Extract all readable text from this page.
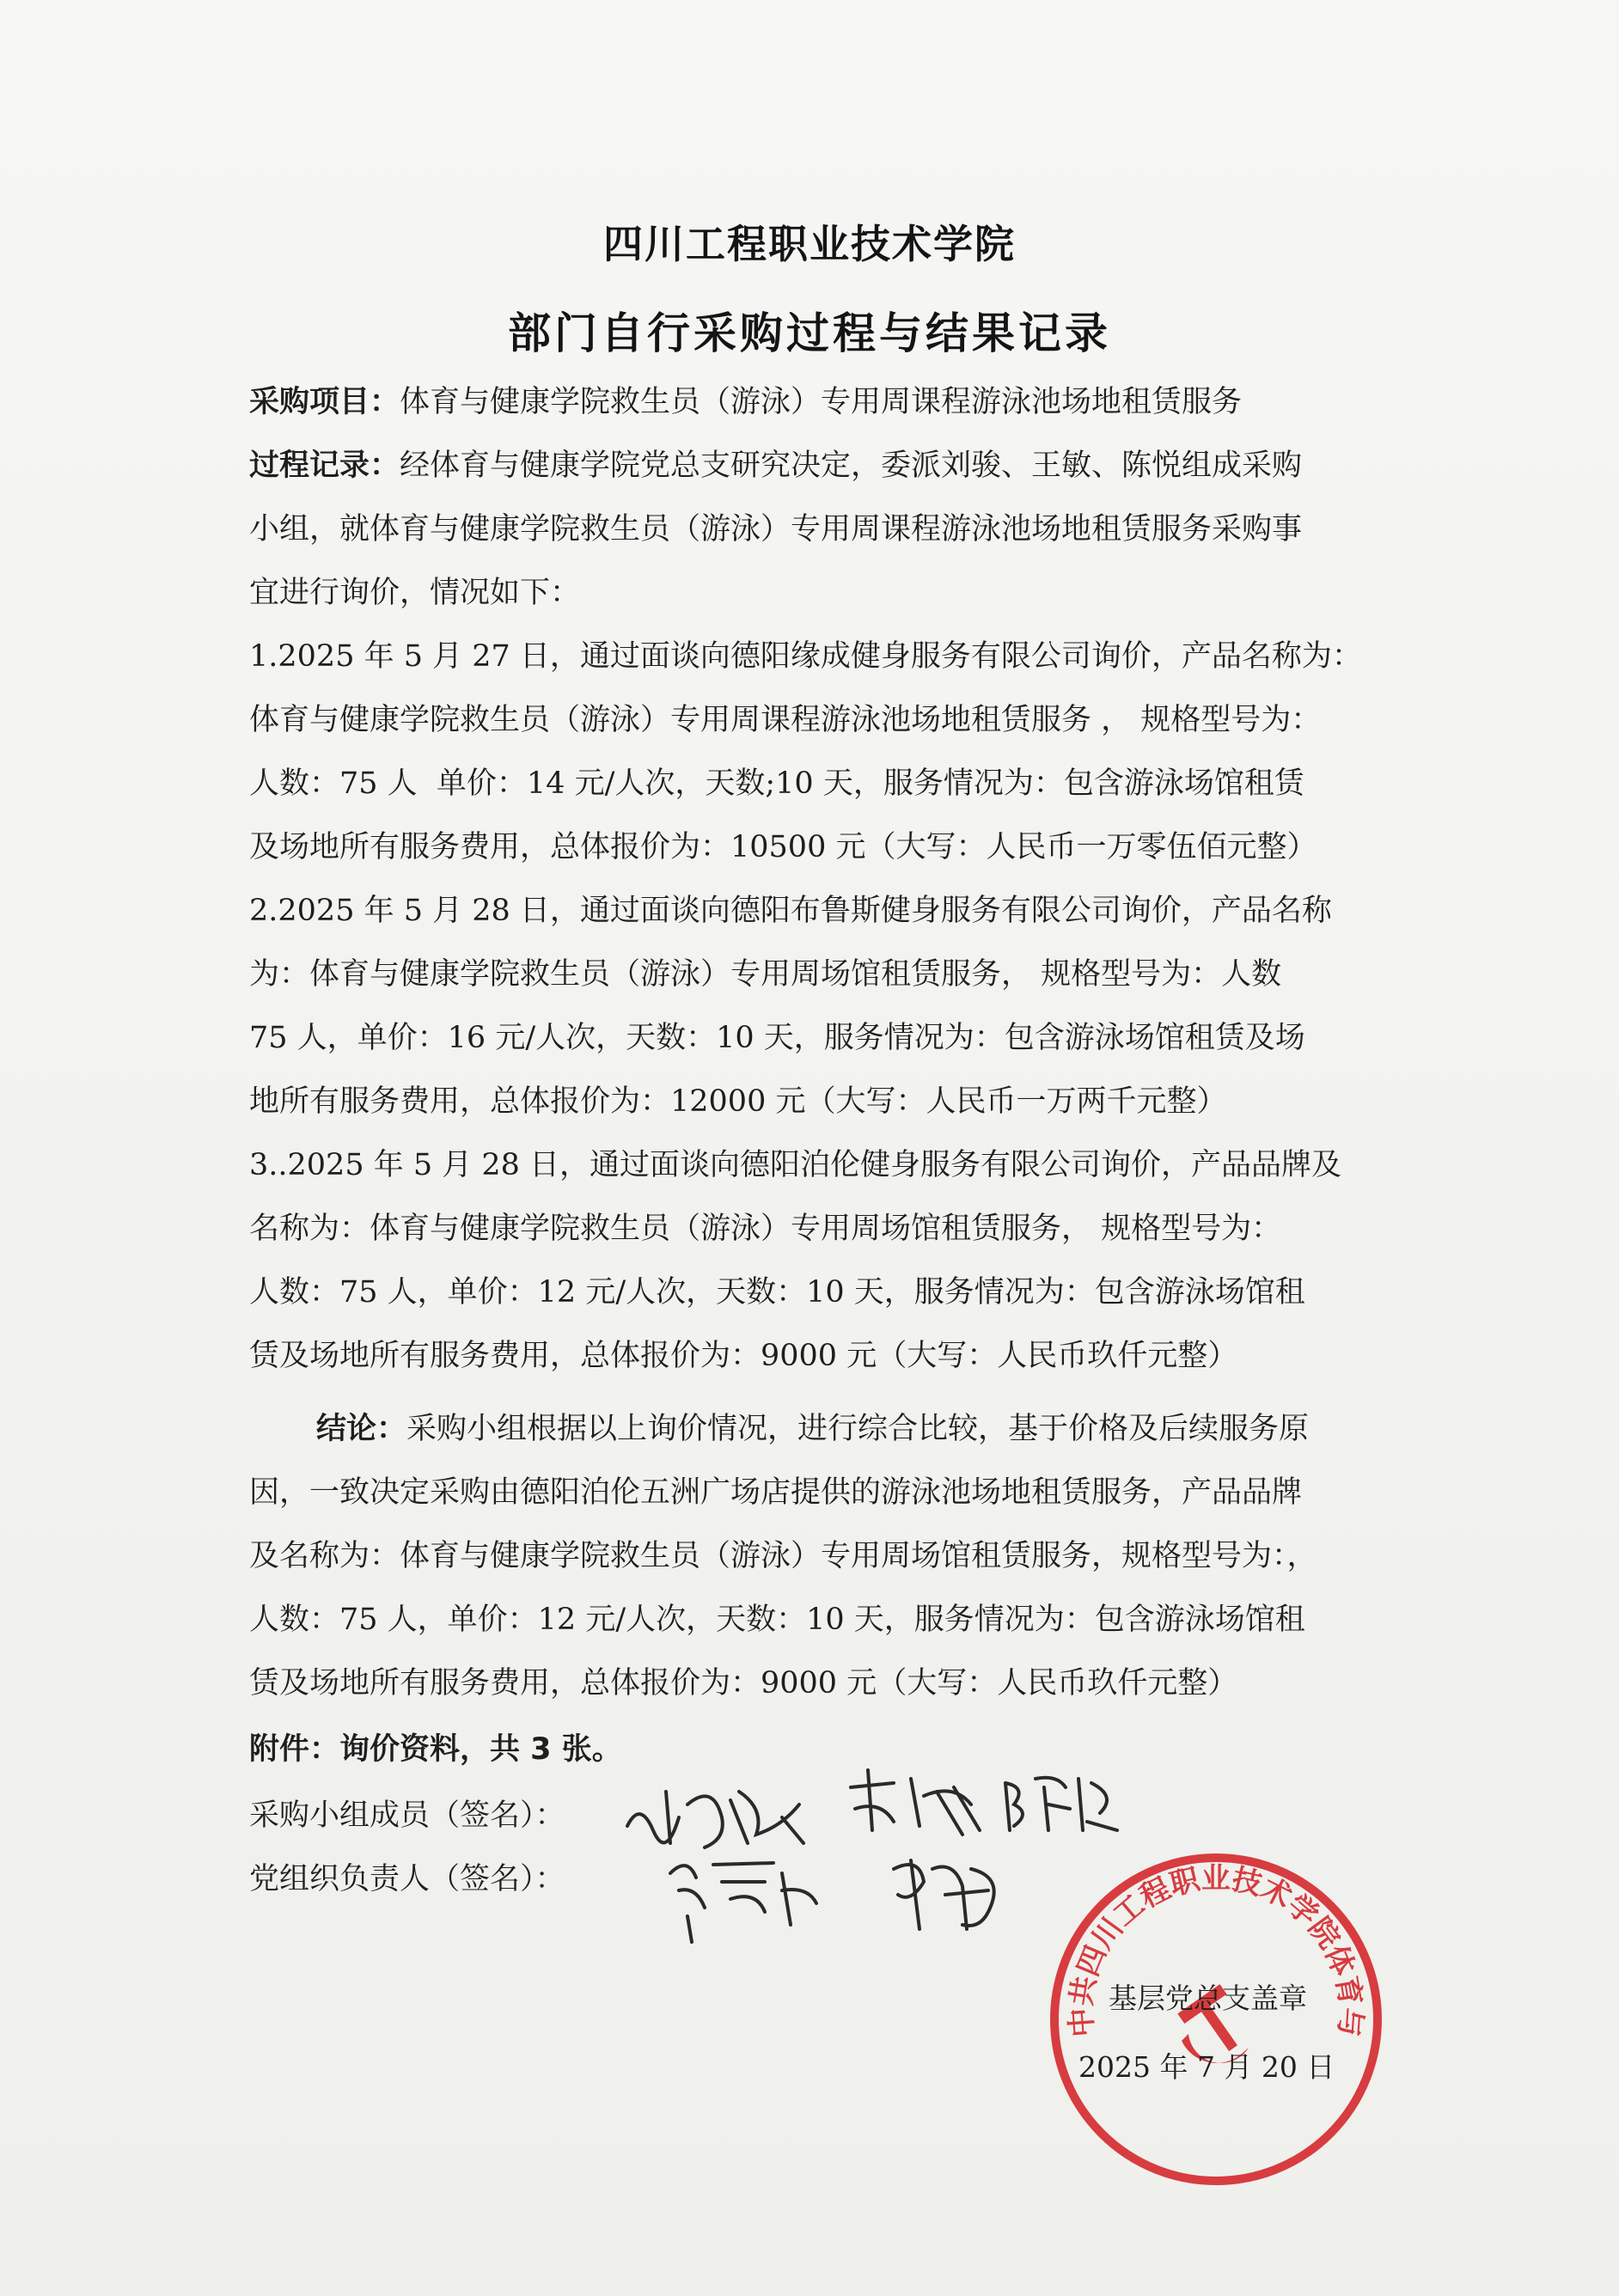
四川工程职业技术学院
部门自行采购过程与结果记录
采购项目：体育与健康学院救生员（游泳）专用周课程游泳池场地租赁服务
过程记录：经体育与健康学院党总支研究决定，委派刘骏、王敏、陈悦组成采购
小组，就体育与健康学院救生员（游泳）专用周课程游泳池场地租赁服务采购事
宜进行询价，情况如下：
1.2025 年 5 月 27 日，通过面谈向德阳缘成健身服务有限公司询价，产品名称为：
体育与健康学院救生员（游泳）专用周课程游泳池场地租赁服务 ， 规格型号为：
人数：75 人  单价：14 元/人次，天数;10 天，服务情况为：包含游泳场馆租赁
及场地所有服务费用，总体报价为：10500 元（大写：人民币一万零伍佰元整）
2.2025 年 5 月 28 日，通过面谈向德阳布鲁斯健身服务有限公司询价，产品名称
为：体育与健康学院救生员（游泳）专用周场馆租赁服务， 规格型号为：人数
75 人，单价：16 元/人次，天数：10 天，服务情况为：包含游泳场馆租赁及场
地所有服务费用，总体报价为：12000 元（大写：人民币一万两千元整）
3..2025 年 5 月 28 日，通过面谈向德阳泊伦健身服务有限公司询价，产品品牌及
名称为：体育与健康学院救生员（游泳）专用周场馆租赁服务， 规格型号为：
人数：75 人，单价：12 元/人次，天数：10 天，服务情况为：包含游泳场馆租
赁及场地所有服务费用，总体报价为：9000 元（大写：人民币玖仟元整）
结论：采购小组根据以上询价情况，进行综合比较，基于价格及后续服务原
因，一致决定采购由德阳泊伦五洲广场店提供的游泳池场地租赁服务，产品品牌
及名称为：体育与健康学院救生员（游泳）专用周场馆租赁服务，规格型号为：，
人数：75 人，单价：12 元/人次，天数：10 天，服务情况为：包含游泳场馆租
赁及场地所有服务费用，总体报价为：9000 元（大写：人民币玖仟元整）
附件：询价资料，共 3 张。
采购小组成员（签名）：
党组织负责人（签名）：
中共四川工程职业技术学院体育与
基层党总支盖章
2025 年 7 月 20 日
